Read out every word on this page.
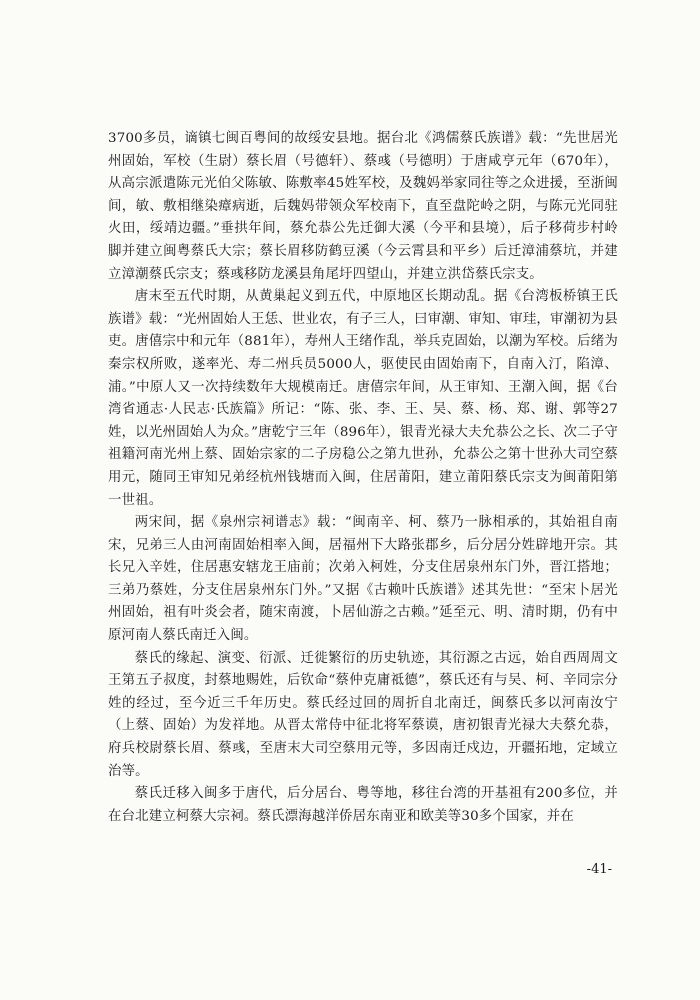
3700多员，谪镇七闽百粤间的故绥安县地。据台北《鸿儒蔡氏族谱》载：“先世居光州固始，军校（生尉）蔡长眉（号德轩）、蔡彧（号德明）于唐咸亨元年（670年），从高宗派遣陈元光伯父陈敏、陈敷率45姓军校，及魏妈举家同往等之众进援，至浙闽间，敏、敷相继染瘴病逝，后魏妈带领众军校南下，直至盘陀岭之阴，与陈元光同驻火田，绥靖边疆。”垂拱年间，蔡允恭公先迁御大溪（今平和县境），后子移荷步村岭脚并建立闽粤蔡氏大宗；蔡长眉移防鹤豆溪（今云霄县和平乡）后迁漳浦蔡坑，并建立漳潮蔡氏宗支；蔡彧移防龙溪县角尾圩四望山，并建立洪岱蔡氏宗支。

唐末至五代时期，从黄巢起义到五代，中原地区长期动乱。据《台湾板桥镇王氏族谱》载：“光州固始人王恁、世业农，有子三人，曰审潮、审知、审珪，审潮初为县吏。唐僖宗中和元年（881年），寿州人王绪作乱，举兵克固始，以潮为军校。后绪为秦宗权所败，遂率光、寿二州兵员5000人，驱使民由固始南下，自南入汀，陷漳、浦。”中原人又一次持续数年大规模南迁。唐僖宗年间，从王审知、王潮入闽，据《台湾省通志·人民志·氏族篇》所记：“陈、张、李、王、吴、蔡、杨、郑、谢、郭等27姓，以光州固始人为众。”唐乾宁三年（896年），银青光禄大夫允恭公之长、次二子守祖籍河南光州上蔡、固始宗家的二子房稳公之第九世孙，允恭公之第十世孙大司空蔡用元，随同王审知兄弟经杭州钱塘而入闽，住居莆阳，建立莆阳蔡氏宗支为闽莆阳第一世祖。

两宋间，据《泉州宗祠谱志》载：“闽南辛、柯、蔡乃一脉相承的，其始祖自南宋，兄弟三人由河南固始相率入闽，居福州下大路张郡乡，后分居分姓辟地开宗。其长兄入辛姓，住居惠安辖龙王庙前；次弟入柯姓，分支住居泉州东门外，晋江搭地；三弟乃蔡姓，分支住居泉州东门外。”又据《古赖叶氏族谱》述其先世：“至宋卜居光州固始，祖有叶炎会者，随宋南渡，卜居仙游之古赖。”延至元、明、清时期，仍有中原河南人蔡氏南迁入闽。

蔡氏的缘起、演变、衍派、迁徙繁衍的历史轨迹，其衍源之古远，始自西周周文王第五子叔度，封蔡地赐姓，后钦命“蔡仲克庸祗德”，蔡氏还有与吴、柯、辛同宗分姓的经过，至今近三千年历史。蔡氏经过回的周折自北南迁，闽蔡氏多以河南汝宁（上蔡、固始）为发祥地。从晋太常侍中征北将军蔡谟，唐初银青光禄大夫蔡允恭，府兵校尉蔡长眉、蔡彧，至唐末大司空蔡用元等，多因南迁戍边，开疆拓地，定域立治等。

蔡氏迁移入闽多于唐代，后分居台、粤等地，移往台湾的开基祖有200多位，并在台北建立柯蔡大宗祠。蔡氏漂海越洋侨居东南亚和欧美等30多个国家，并在

-41-
